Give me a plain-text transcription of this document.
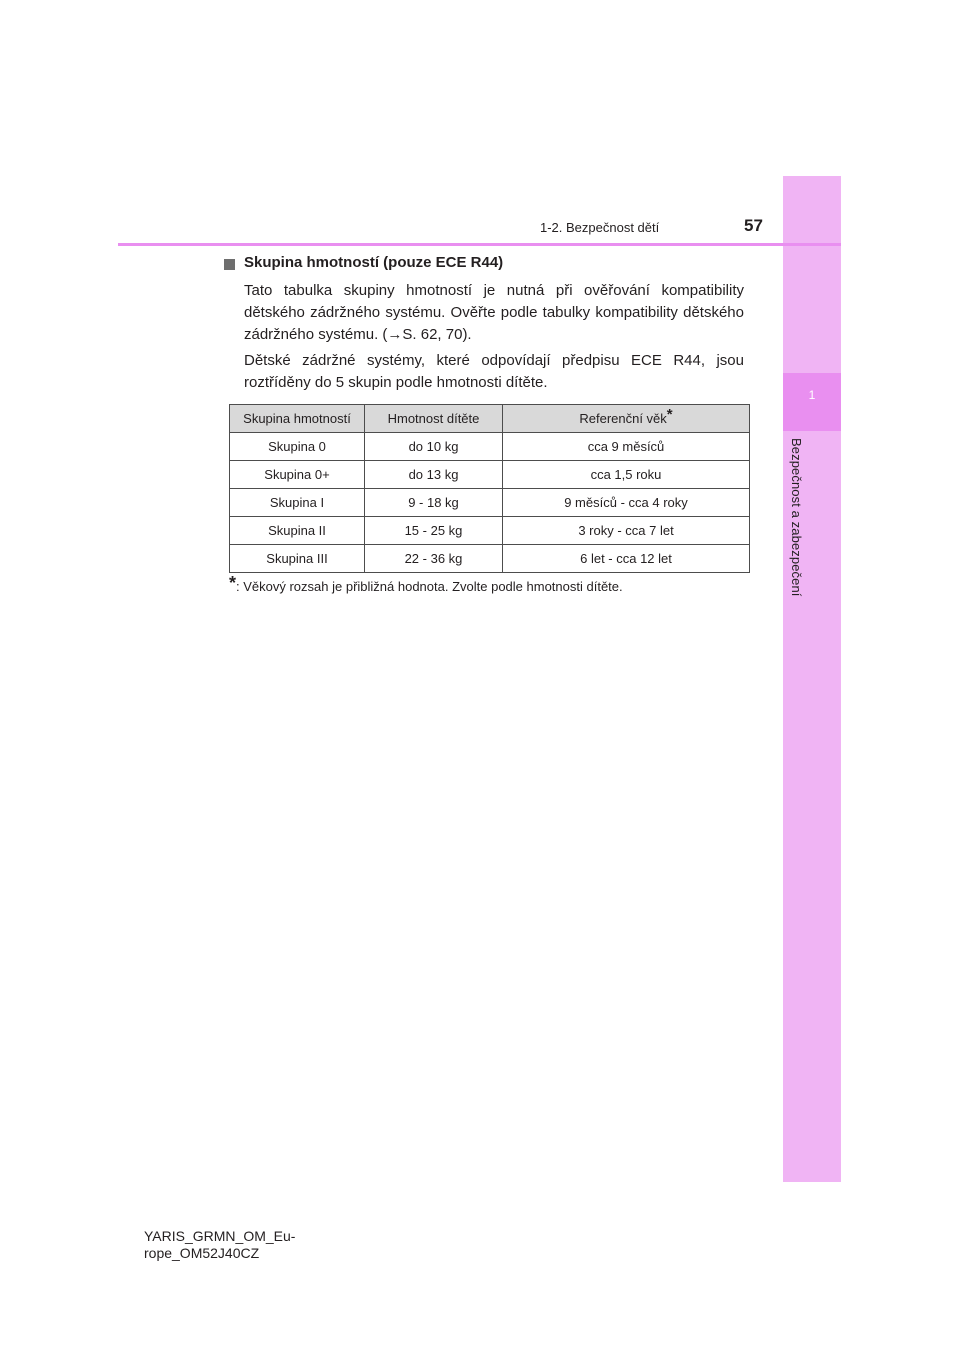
1
Bezpečnost a zabezpečení
1-2. Bezpečnost dětí	57
Skupina hmotností (pouze ECE R44)
Tato tabulka skupiny hmotností je nutná při ověřování kompatibility dětského zádržného systému. Ověřte podle tabulky kompatibility dětského zádržného systému. (→S. 62, 70).
Dětské zádržné systémy, které odpovídají předpisu ECE R44, jsou roztříděny do 5 skupin podle hmotnosti dítěte.
Skupina hmotností	Hmotnost dítěte	Referenční věk*
Skupina 0	do 10 kg	cca 9 měsíců
Skupina 0+	do 13 kg	cca 1,5 roku
Skupina I	9 - 18 kg	9 měsíců - cca 4 roky
Skupina II	15 - 25 kg	3 roky - cca 7 let
Skupina III	22 - 36 kg	6 let - cca 12 let
*: Věkový rozsah je přibližná hodnota. Zvolte podle hmotnosti dítěte.
YARIS_GRMN_OM_Eu-
rope_OM52J40CZ
